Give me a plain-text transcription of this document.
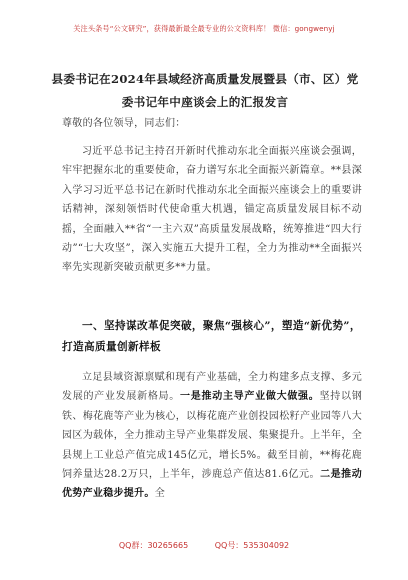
关注头条号“公文研究”，获得最新最全最专业的公文资料库！ 微信：gongwenyj
县委书记在2024年县域经济高质量发展暨县（市、区）党
委书记年中座谈会上的汇报发言

尊敬的各位领导，同志们：

习近平总书记主持召开新时代推动东北全面振兴座谈会强调，牢牢把握东北的重要使命，奋力谱写东北全面振兴新篇章。**县深入学习习近平总书记在新时代推动东北全面振兴座谈会上的重要讲话精神，深刻领悟时代使命重大机遇，锚定高质量发展目标不动摇，全面融入**省“一主六双”高质量发展战略，统筹推进“四大行动”“七大攻坚”，深入实施五大提升工程，全力为推动**全面振兴率先实现新突破贡献更多**力量。

一、坚持谋改革促突破，聚焦“强核心”，塑造“新优势”，打造高质量创新样板

立足县域资源禀赋和现有产业基础，全力构建多点支撑、多元发展的产业发展新格局。一是推动主导产业做大做强。坚持以钢铁、梅花鹿等产业为核心，以梅花鹿产业创投园松籽产业园等八大园区为载体，全力推动主导产业集群发展、集聚提升。上半年，全县规上工业总产值完成145亿元，增长5%。截至目前，**梅花鹿饲养量达28.2万只，上半年，涉鹿总产值达81.6亿元。二是推动优势产业稳步提升。全

QQ群：30265665	QQ号：535304092
